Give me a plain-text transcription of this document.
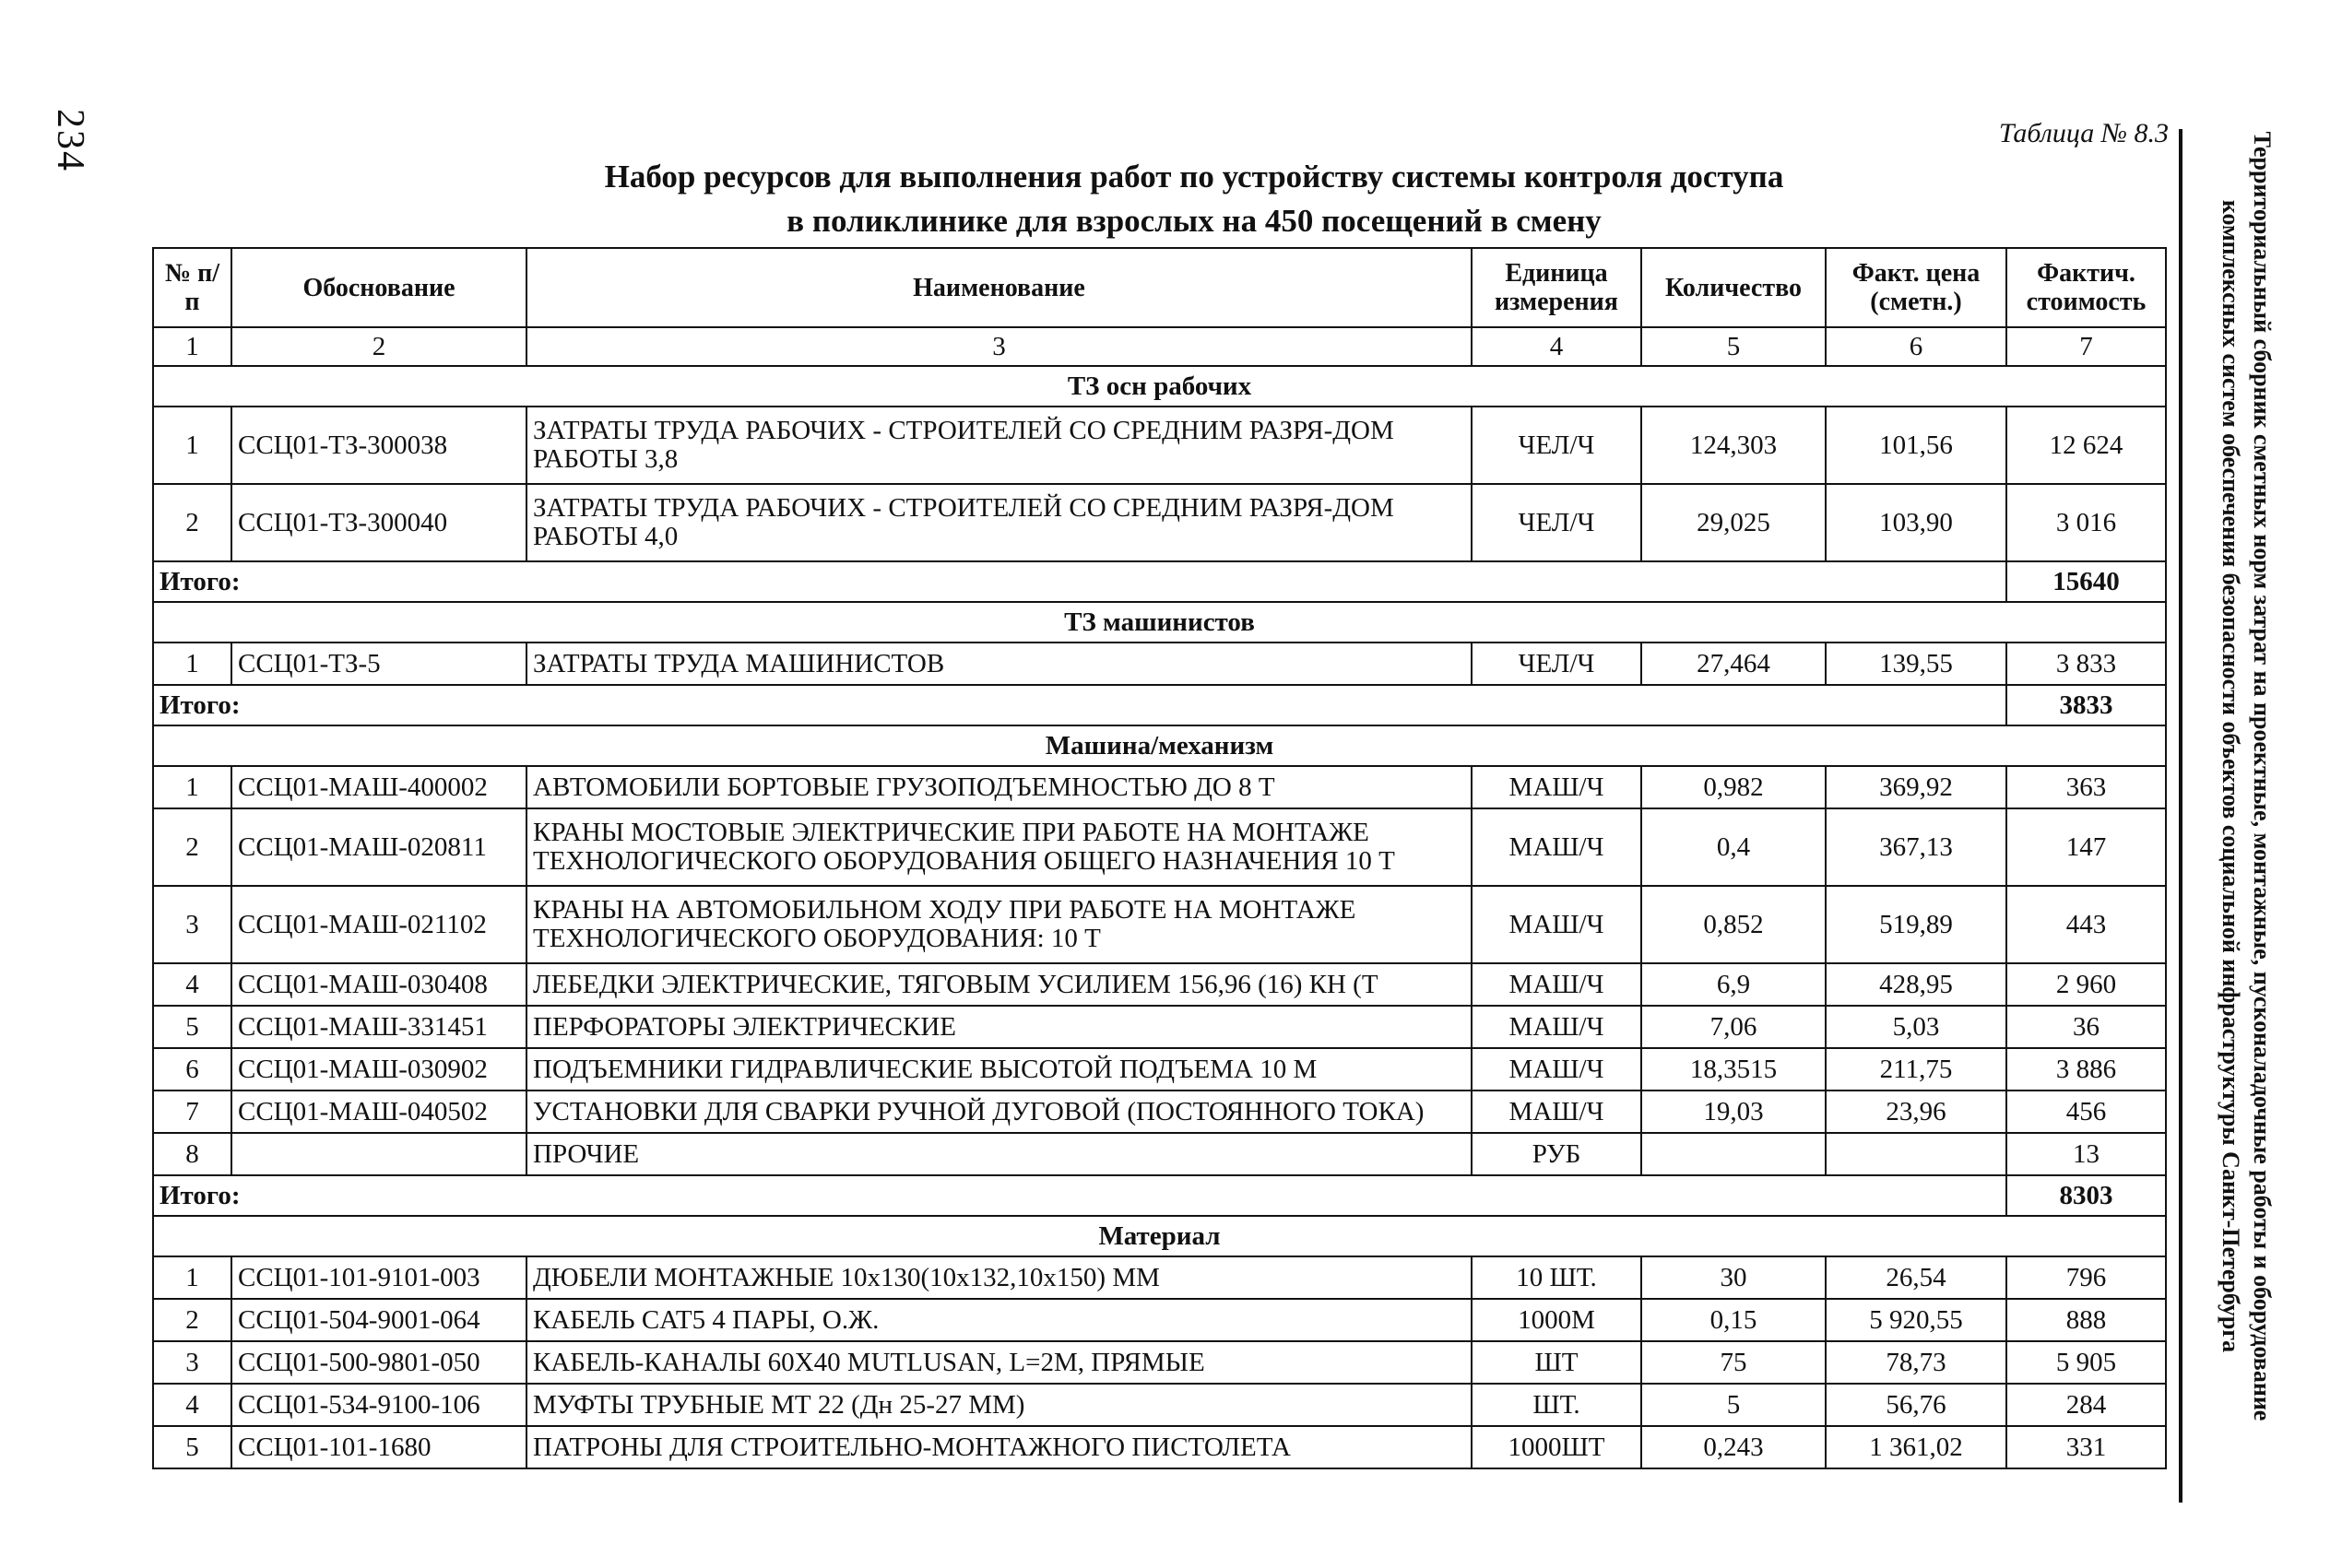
234	Таблица № 8.3
Набор ресурсов для выполнения работ по устройству системы контроля доступа
в поликлинике для взрослых на 450 посещений в смену	Территориальный сборник сметных норм затрат на проектные, монтажные, пусконаладочные работы и оборудование
комплексных систем обеспечения безопасности объектов социальной инфраструктуры Санкт-Петербурга
№ п/п	Обоснование	Наименование	Единица измерения	Количество	Факт. цена (сметн.)	Фактич. стоимость
1	2	3	4	5	6	7
ТЗ осн рабочих						
1	ССЦ01-ТЗ-300038	ЗАТРАТЫ ТРУДА РАБОЧИХ - СТРОИТЕЛЕЙ СО СРЕДНИМ РАЗРЯ-ДОМ РАБОТЫ 3,8	ЧЕЛ/Ч	124,303	101,56	12 624
2	ССЦ01-ТЗ-300040	ЗАТРАТЫ ТРУДА РАБОЧИХ - СТРОИТЕЛЕЙ СО СРЕДНИМ РАЗРЯ-ДОМ РАБОТЫ 4,0	ЧЕЛ/Ч	29,025	103,90	3 016
Итого:						15640
ТЗ машинистов						
1	ССЦ01-ТЗ-5	ЗАТРАТЫ ТРУДА МАШИНИСТОВ	ЧЕЛ/Ч	27,464	139,55	3 833
Итого:						3833
Машина/механизм						
1	ССЦ01-МАШ-400002	АВТОМОБИЛИ БОРТОВЫЕ ГРУЗОПОДЪЕМНОСТЬЮ ДО 8 Т	МАШ/Ч	0,982	369,92	363
2	ССЦ01-МАШ-020811	КРАНЫ МОСТОВЫЕ ЭЛЕКТРИЧЕСКИЕ ПРИ РАБОТЕ НА МОНТАЖЕ ТЕХНОЛОГИЧЕСКОГО ОБОРУДОВАНИЯ ОБЩЕГО НАЗНАЧЕНИЯ 10 Т	МАШ/Ч	0,4	367,13	147
3	ССЦ01-МАШ-021102	КРАНЫ НА АВТОМОБИЛЬНОМ ХОДУ ПРИ РАБОТЕ НА МОНТАЖЕ ТЕХНОЛОГИЧЕСКОГО ОБОРУДОВАНИЯ: 10 Т	МАШ/Ч	0,852	519,89	443
4	ССЦ01-МАШ-030408	ЛЕБЕДКИ ЭЛЕКТРИЧЕСКИЕ, ТЯГОВЫМ УСИЛИЕМ 156,96 (16) КН (Т	МАШ/Ч	6,9	428,95	2 960
5	ССЦ01-МАШ-331451	ПЕРФОРАТОРЫ ЭЛЕКТРИЧЕСКИЕ	МАШ/Ч	7,06	5,03	36
6	ССЦ01-МАШ-030902	ПОДЪЕМНИКИ ГИДРАВЛИЧЕСКИЕ ВЫСОТОЙ ПОДЪЕМА 10 М	МАШ/Ч	18,3515	211,75	3 886
7	ССЦ01-МАШ-040502	УСТАНОВКИ ДЛЯ СВАРКИ РУЧНОЙ ДУГОВОЙ (ПОСТОЯННОГО ТОКА)	МАШ/Ч	19,03	23,96	456
8		ПРОЧИЕ	РУБ			13
Итого:						8303
Материал						
1	ССЦ01-101-9101-003	ДЮБЕЛИ МОНТАЖНЫЕ 10х130(10х132,10х150) ММ	10 ШТ.	30	26,54	796
2	ССЦ01-504-9001-064	КАБЕЛЬ CAT5 4 ПАРЫ, О.Ж.	1000М	0,15	5 920,55	888
3	ССЦ01-500-9801-050	КАБЕЛЬ-КАНАЛЫ 60Х40 MUTLUSAN, L=2М, ПРЯМЫЕ	ШТ	75	78,73	5 905
4	ССЦ01-534-9100-106	МУФТЫ ТРУБНЫЕ МТ 22 (Дн 25-27 ММ)	ШТ.	5	56,76	284
5	ССЦ01-101-1680	ПАТРОНЫ ДЛЯ СТРОИТЕЛЬНО-МОНТАЖНОГО ПИСТОЛЕТА	1000ШТ	0,243	1 361,02	331
